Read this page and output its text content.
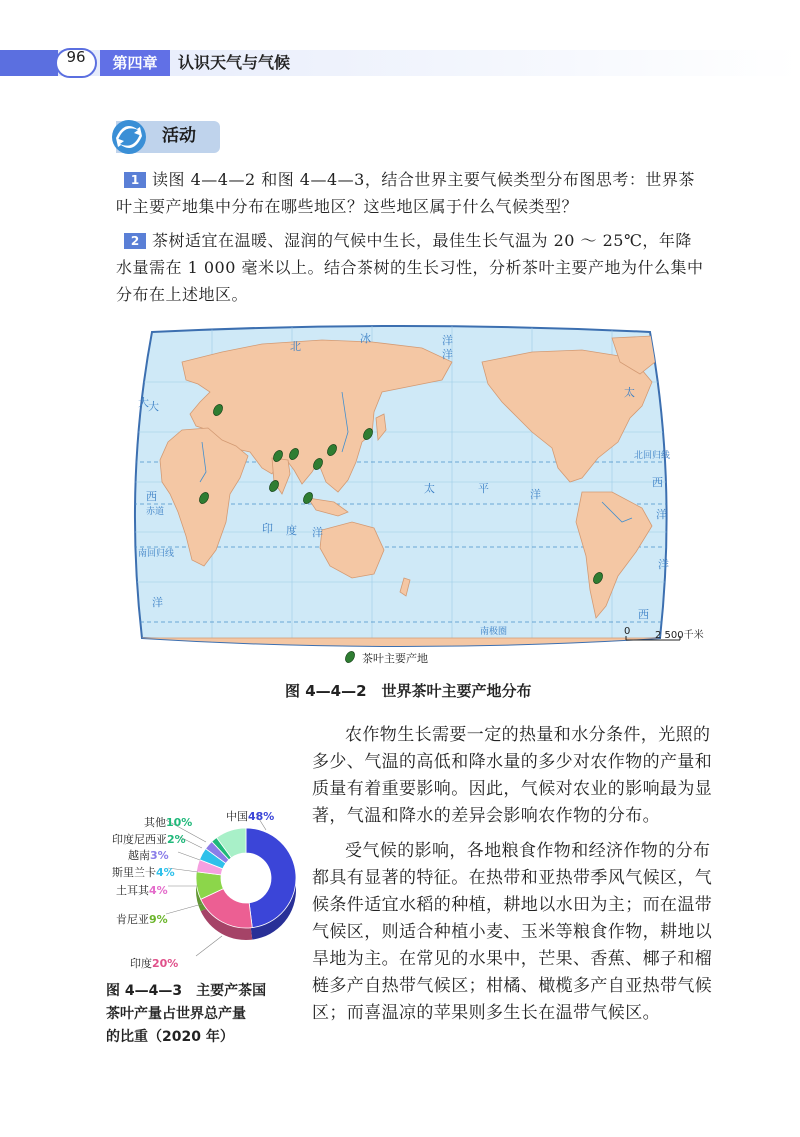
96	第四章	认识天气与气候
活动
1 读图 4—4—2 和图 4—4—3，结合世界主要气候类型分布图思考：世界茶
叶主要产地集中分布在哪些地区？这些地区属于什么气候类型？
2 茶树适宜在温暖、湿润的气候中生长，最佳生长气温为 20 ～ 25℃，年降
水量需在 1 000 毫米以上。结合茶树的生长习性，分析茶叶主要产地为什么集中
分布在上述地区。
北
冰	洋
大
太	平	洋
太
西
洋
印 度 洋
洋
大
西
洋
洋
西
赤道
北回归线
南回归线
南极圈	0 2 500千米
茶叶主要产地
图 4—4—2　世界茶叶主要产地分布
农作物生长需要一定的热量和水分条件，光照的
多少、气温的高低和降水量的多少对农作物的产量和
质量有着重要影响。因此，气候对农业的影响最为显
著，气温和降水的差异会影响农作物的分布。
受气候的影响，各地粮食作物和经济作物的分布
都具有显著的特征。在热带和亚热带季风气候区，气
候条件适宜水稻的种植，耕地以水田为主；而在温带
气候区，则适合种植小麦、玉米等粮食作物，耕地以
旱地为主。在常见的水果中，芒果、香蕉、椰子和榴
梿多产自热带气候区；柑橘、橄榄多产自亚热带气候
区；而喜温凉的苹果则多生长在温带气候区。
其他10%	中国48%
印度尼西亚2%
越南3%
斯里兰卡4%
土耳其4%
肯尼亚9%
印度20%
图 4—4—3　主要产茶国
茶叶产量占世界总产量
的比重（2020 年）
